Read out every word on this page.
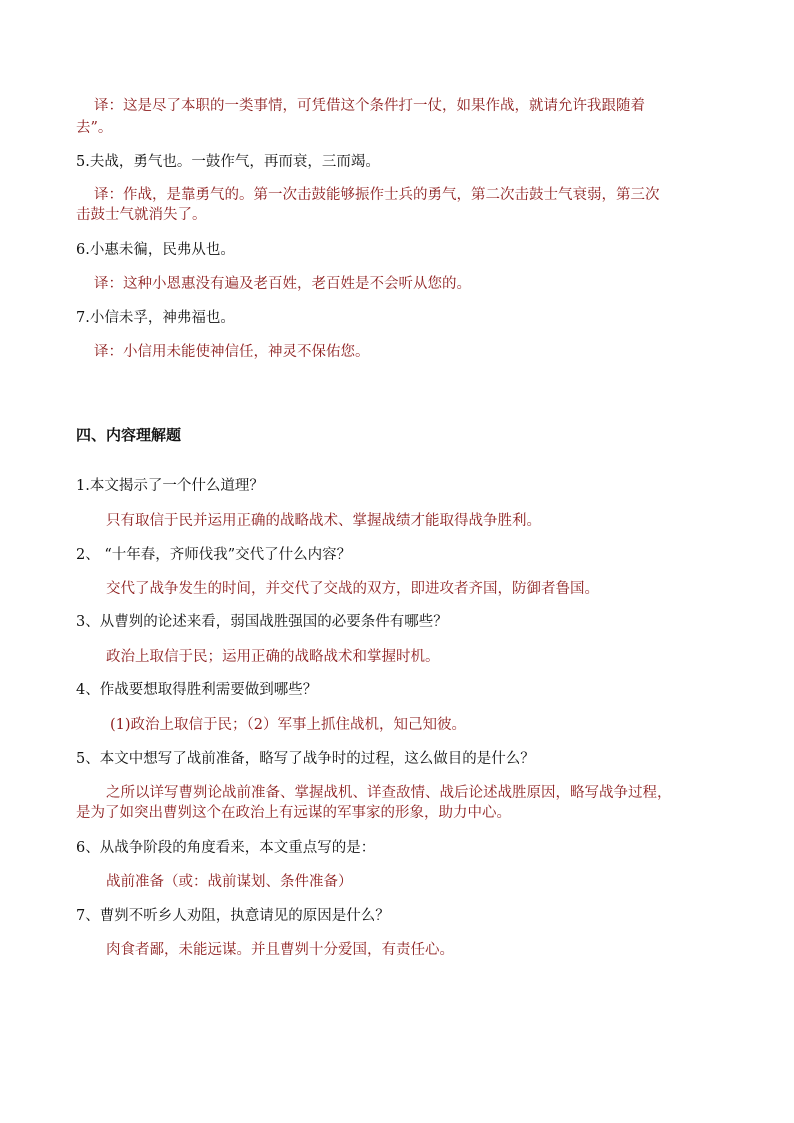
译：这是尽了本职的一类事情，可凭借这个条件打一仗，如果作战，就请允许我跟随着
去”。
5.夫战，勇气也。一鼓作气，再而衰，三而竭。
译：作战，是靠勇气的。第一次击鼓能够振作士兵的勇气，第二次击鼓士气衰弱，第三次
击鼓士气就消失了。
6.小惠未徧，民弗从也。
译：这种小恩惠没有遍及老百姓，老百姓是不会听从您的。
7.小信未孚，神弗福也。
译：小信用未能使神信任，神灵不保佑您。
四、内容理解题
1.本文揭示了一个什么道理？
只有取信于民并运用正确的战略战术、掌握战绩才能取得战争胜利。
2、 “十年春，齐师伐我”交代了什么内容？
交代了战争发生的时间，并交代了交战的双方，即进攻者齐国，防御者鲁国。
3、从曹刿的论述来看，弱国战胜强国的必要条件有哪些？
政治上取信于民；运用正确的战略战术和掌握时机。
4、作战要想取得胜利需要做到哪些？
(1)政治上取信于民；（2）军事上抓住战机，知己知彼。
5、本文中想写了战前准备，略写了战争时的过程，这么做目的是什么？
之所以详写曹刿论战前准备、掌握战机、详查敌情、战后论述战胜原因，略写战争过程，
是为了如突出曹刿这个在政治上有远谋的军事家的形象，助力中心。
6、从战争阶段的角度看来，本文重点写的是：
战前准备（或：战前谋划、条件准备）
7、曹刿不听乡人劝阻，执意请见的原因是什么？
肉食者鄙，未能远谋。并且曹刿十分爱国，有责任心。
